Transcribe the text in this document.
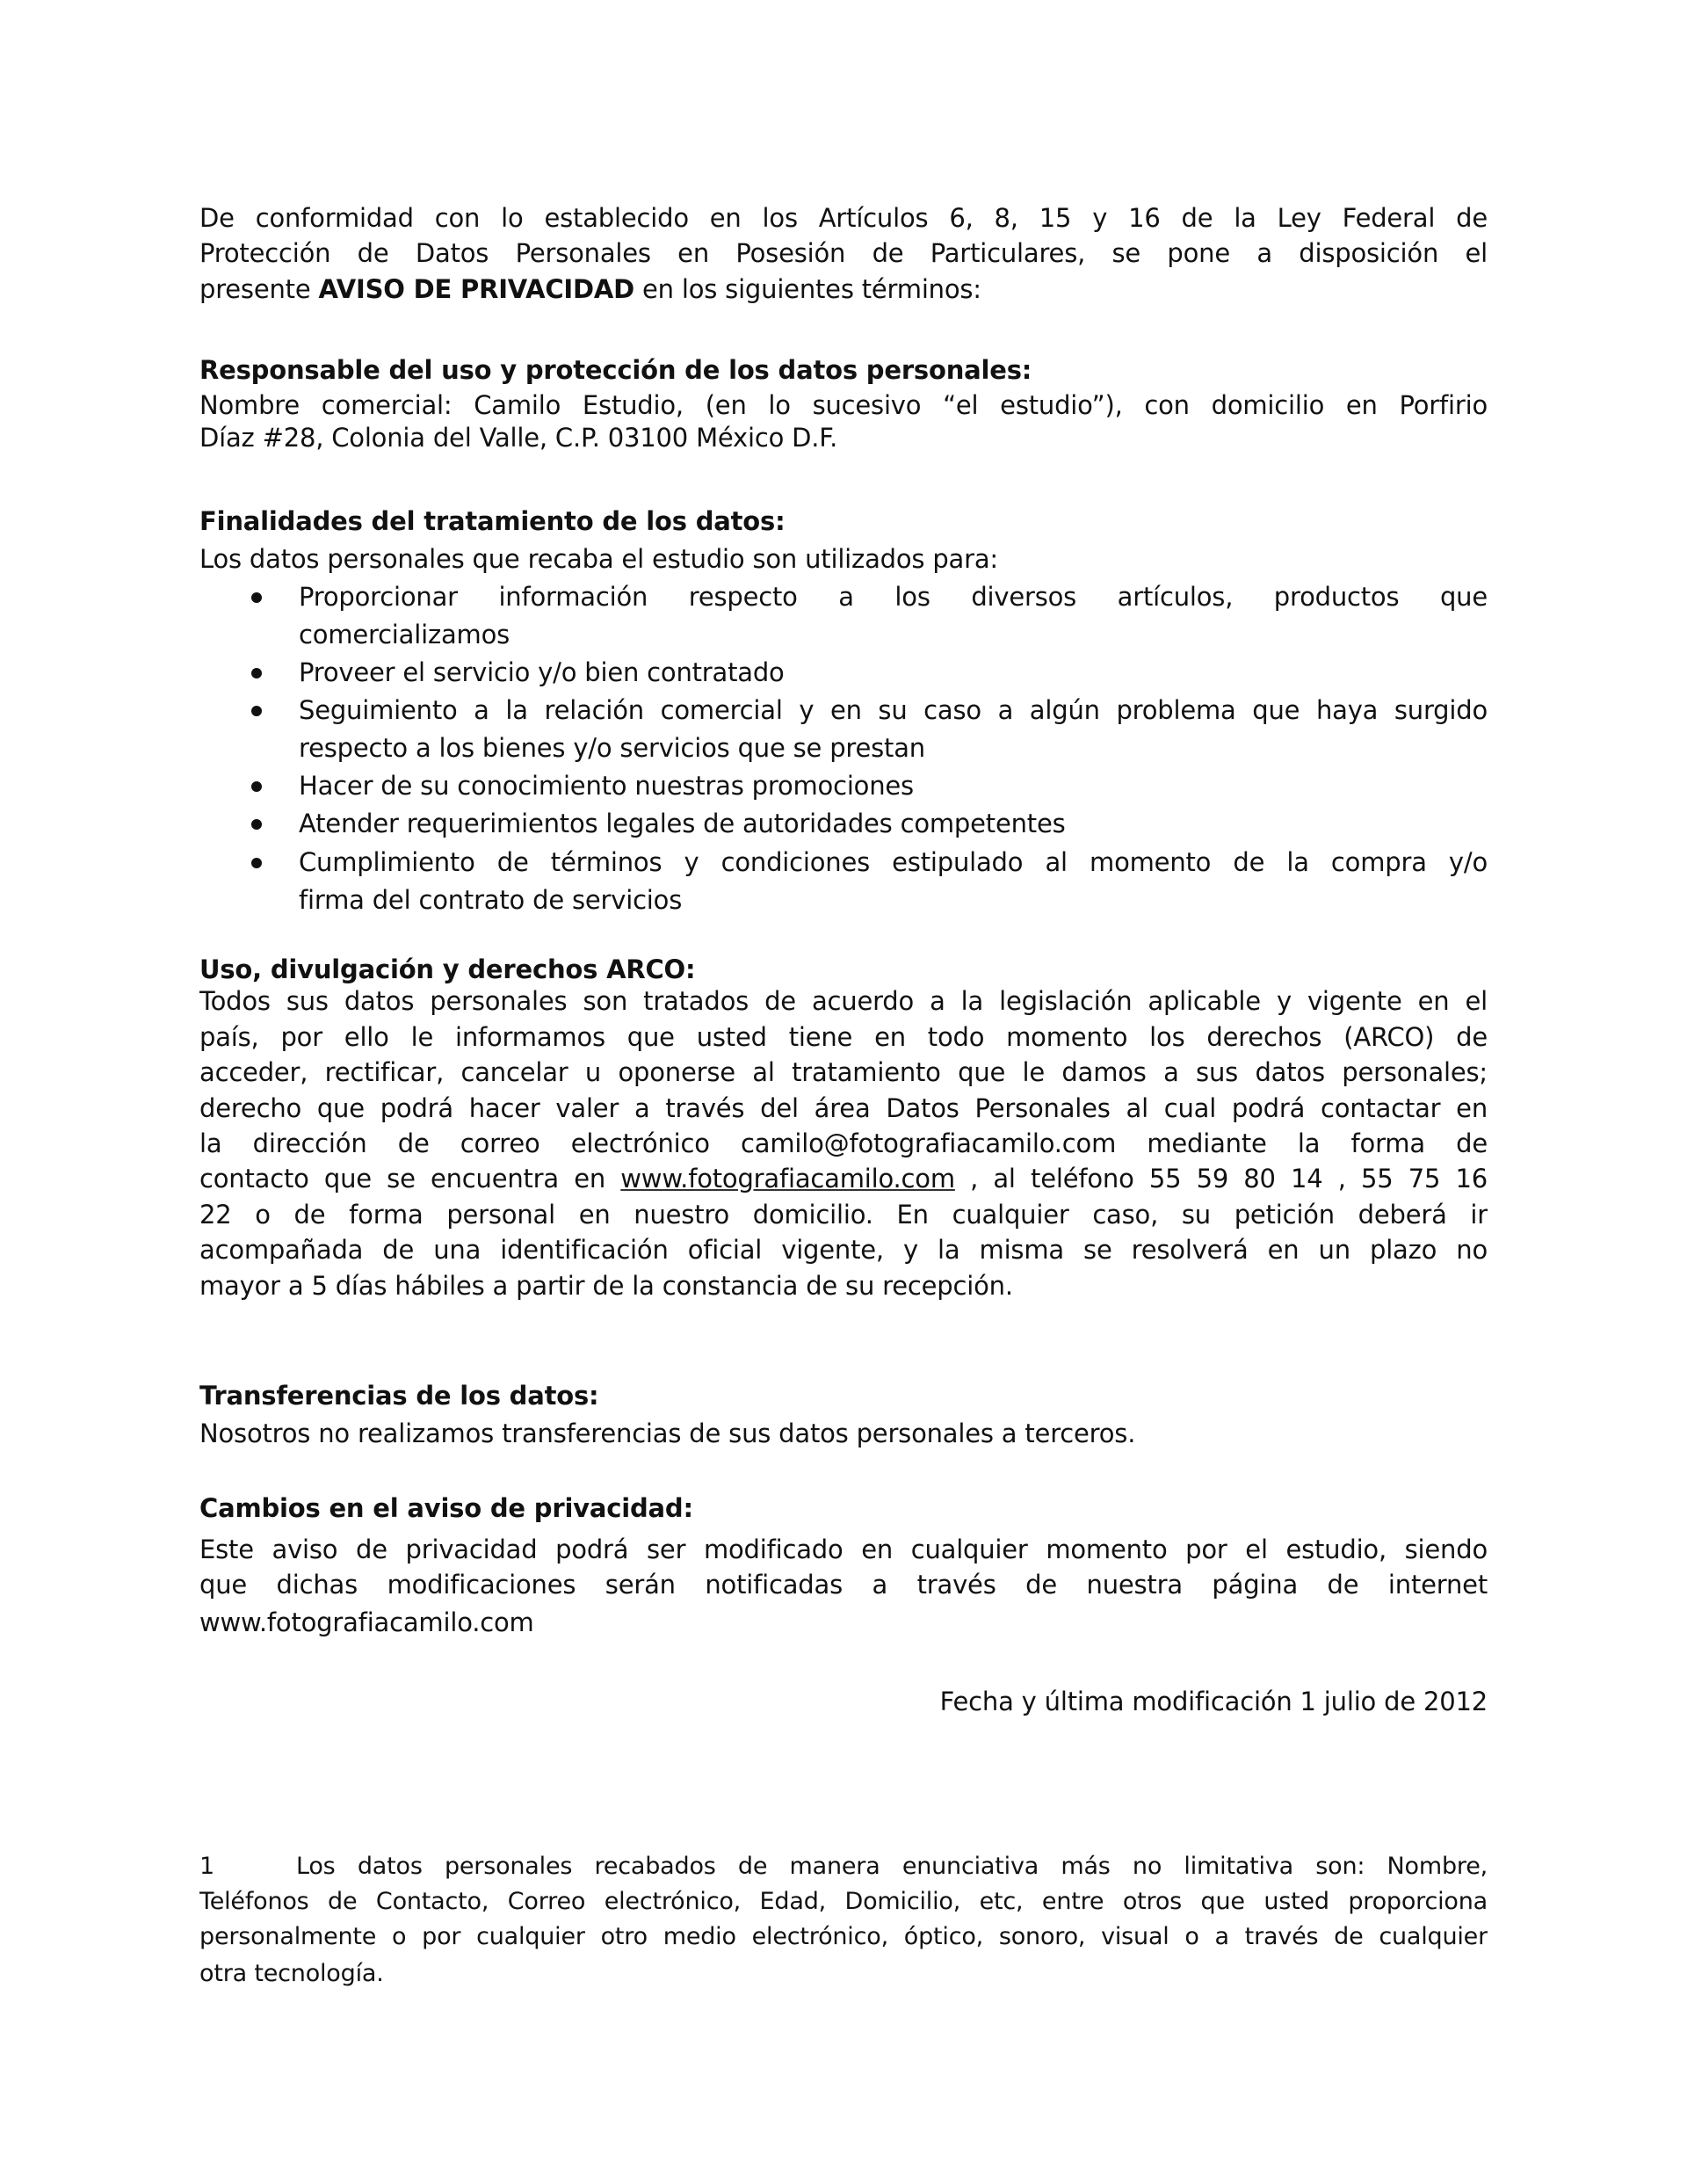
De conformidad con lo establecido en los Artículos 6, 8, 15 y 16 de la Ley Federal de
Protección de Datos Personales en Posesión de Particulares, se pone a disposición el
presente AVISO DE PRIVACIDAD en los siguientes términos:
Responsable del uso y protección de los datos personales:
Nombre comercial: Camilo Estudio, (en lo sucesivo “el estudio”), con domicilio en Porfirio
Díaz #28, Colonia del Valle, C.P. 03100 México D.F.
Finalidades del tratamiento de los datos:
Los datos personales que recaba el estudio son utilizados para:
Proporcionar información respecto a los diversos artículos, productos que
comercializamos
Proveer el servicio y/o bien contratado
Seguimiento a la relación comercial y en su caso a algún problema que haya surgido
respecto a los bienes y/o servicios que se prestan
Hacer de su conocimiento nuestras promociones
Atender requerimientos legales de autoridades competentes
Cumplimiento de términos y condiciones estipulado al momento de la compra y/o
firma del contrato de servicios
Uso, divulgación y derechos ARCO:
Todos sus datos personales son tratados de acuerdo a la legislación aplicable y vigente en el
país, por ello le informamos que usted tiene en todo momento los derechos (ARCO) de
acceder, rectificar, cancelar u oponerse al tratamiento que le damos a sus datos personales;
derecho que podrá hacer valer a través del área Datos Personales al cual podrá contactar en
la dirección de correo electrónico camilo@fotografiacamilo.com mediante la forma de
contacto que se encuentra en www.fotografiacamilo.com , al teléfono 55 59 80 14 , 55 75 16
22 o de forma personal en nuestro domicilio. En cualquier caso, su petición deberá ir
acompañada de una identificación oficial vigente, y la misma se resolverá en un plazo no
mayor a 5 días hábiles a partir de la constancia de su recepción.
Transferencias de los datos:
Nosotros no realizamos transferencias de sus datos personales a terceros.
Cambios en el aviso de privacidad:
Este aviso de privacidad podrá ser modificado en cualquier momento por el estudio, siendo
que dichas modificaciones serán notificadas a través de nuestra página de internet
www.fotografiacamilo.com
Fecha y última modificación 1 julio de 2012
1	Los datos personales recabados de manera enunciativa más no limitativa son: Nombre,
Teléfonos de Contacto, Correo electrónico, Edad, Domicilio, etc, entre otros que usted proporciona
personalmente o por cualquier otro medio electrónico, óptico, sonoro, visual o a través de cualquier
otra tecnología.
